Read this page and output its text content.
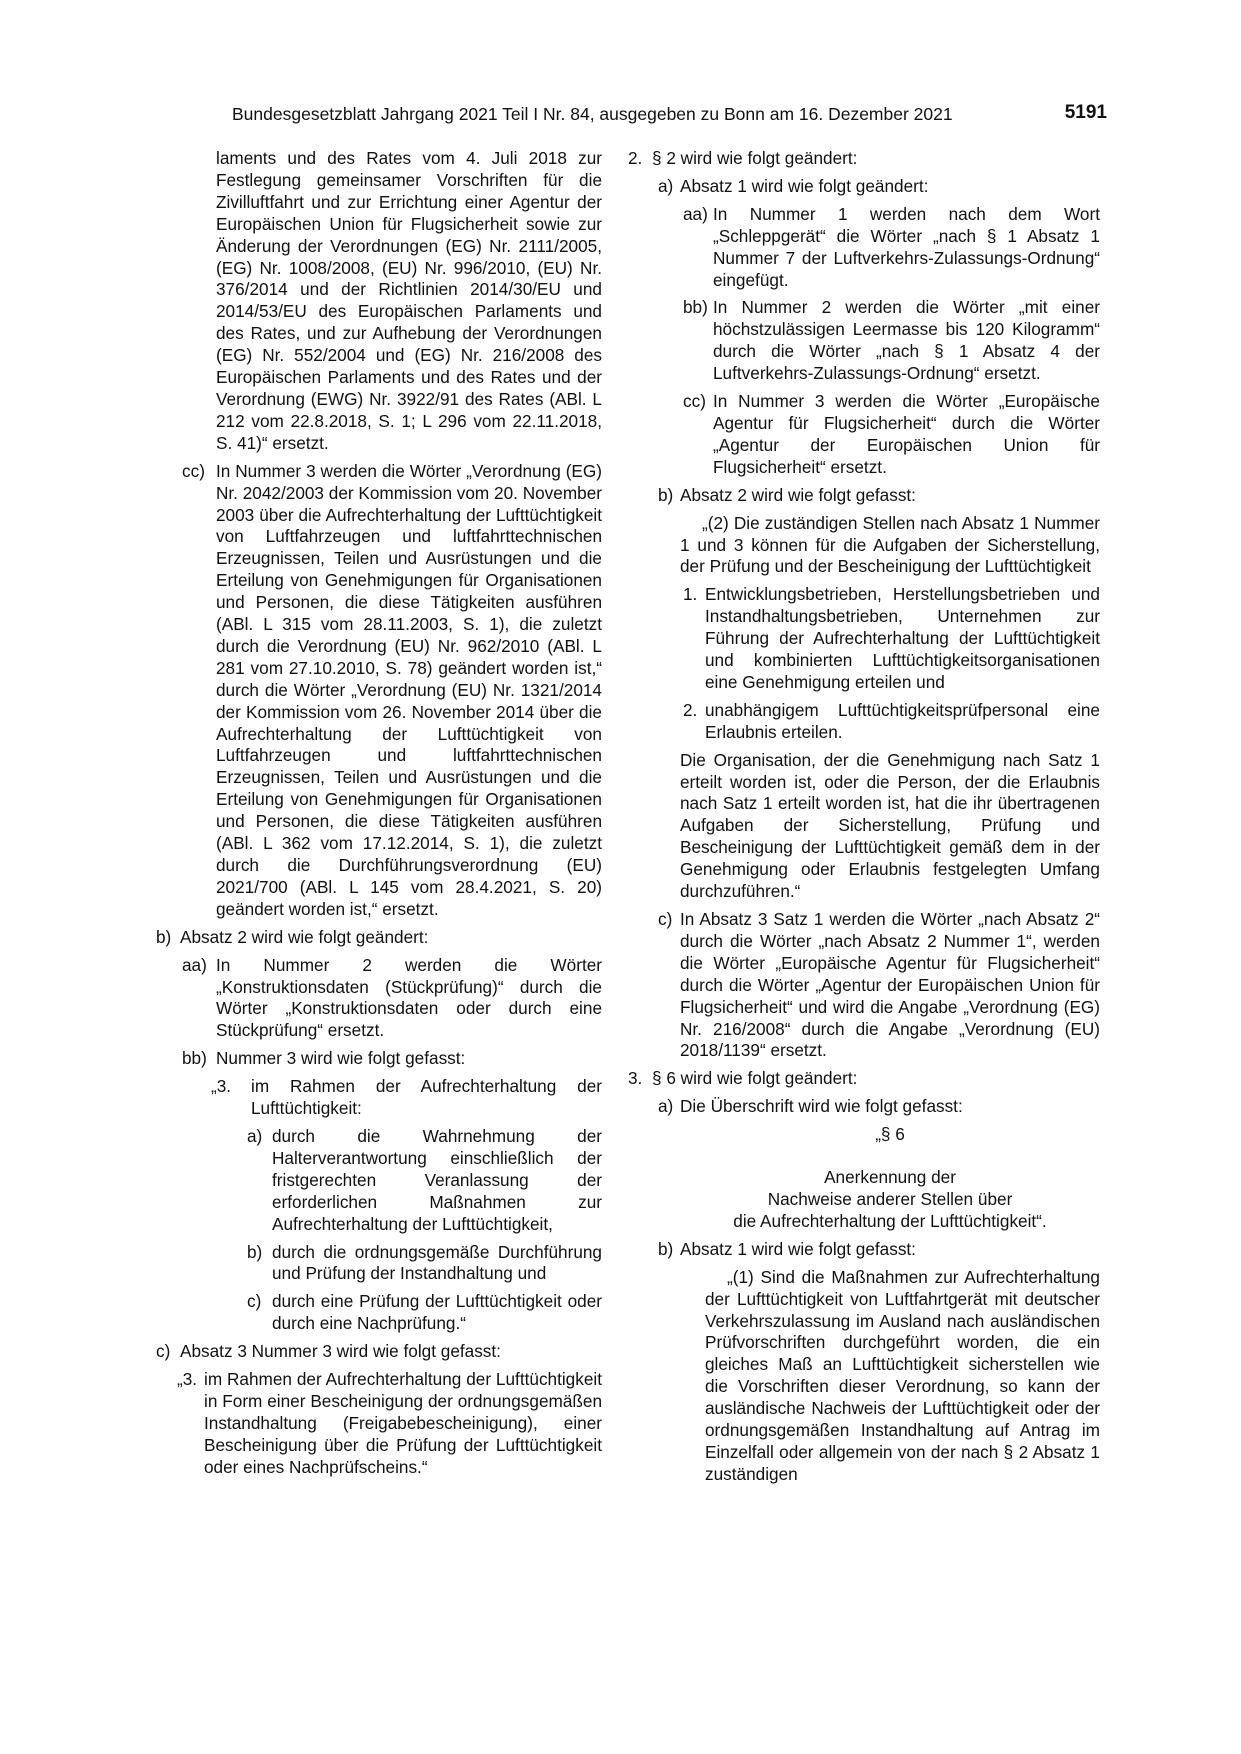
Bundesgesetzblatt Jahrgang 2021 Teil I Nr. 84, ausgegeben zu Bonn am 16. Dezember 2021	5191
laments und des Rates vom 4. Juli 2018 zur Festlegung gemeinsamer Vorschriften für die Zivilluftfahrt und zur Errichtung einer Agentur der Europäischen Union für Flugsicherheit sowie zur Änderung der Verordnungen (EG) Nr. 2111/2005, (EG) Nr. 1008/2008, (EU) Nr. 996/2010, (EU) Nr. 376/2014 und der Richtlinien 2014/30/EU und 2014/53/EU des Europäischen Parlaments und des Rates, und zur Aufhebung der Verordnungen (EG) Nr. 552/2004 und (EG) Nr. 216/2008 des Europäischen Parlaments und des Rates und der Verordnung (EWG) Nr. 3922/91 des Rates (ABl. L 212 vom 22.8.2018, S. 1; L 296 vom 22.11.2018, S. 41)“ ersetzt.
cc) In Nummer 3 werden die Wörter „Verordnung (EG) Nr. 2042/2003 der Kommission vom 20. November 2003 über die Aufrechterhaltung der Lufttüchtigkeit von Luftfahrzeugen und luftfahrttechnischen Erzeugnissen, Teilen und Ausrüstungen und die Erteilung von Genehmigungen für Organisationen und Personen, die diese Tätigkeiten ausführen (ABl. L 315 vom 28.11.2003, S. 1), die zuletzt durch die Verordnung (EU) Nr. 962/2010 (ABl. L 281 vom 27.10.2010, S. 78) geändert worden ist,“ durch die Wörter „Verordnung (EU) Nr. 1321/2014 der Kommission vom 26. November 2014 über die Aufrechterhaltung der Lufttüchtigkeit von Luftfahrzeugen und luftfahrttechnischen Erzeugnissen, Teilen und Ausrüstungen und die Erteilung von Genehmigungen für Organisationen und Personen, die diese Tätigkeiten ausführen (ABl. L 362 vom 17.12.2014, S. 1), die zuletzt durch die Durchführungsverordnung (EU) 2021/700 (ABl. L 145 vom 28.4.2021, S. 20) geändert worden ist,“ ersetzt.
b) Absatz 2 wird wie folgt geändert:
aa) In Nummer 2 werden die Wörter „Konstruktionsdaten (Stückprüfung)“ durch die Wörter „Konstruktionsdaten oder durch eine Stückprüfung“ ersetzt.
bb) Nummer 3 wird wie folgt gefasst:
„3. im Rahmen der Aufrechterhaltung der Lufttüchtigkeit:
a) durch die Wahrnehmung der Halterverantwortung einschließlich der fristgerechten Veranlassung der erforderlichen Maßnahmen zur Aufrechterhaltung der Lufttüchtigkeit,
b) durch die ordnungsgemäße Durchführung und Prüfung der Instandhaltung und
c) durch eine Prüfung der Lufttüchtigkeit oder durch eine Nachprüfung.“
c) Absatz 3 Nummer 3 wird wie folgt gefasst:
„3. im Rahmen der Aufrechterhaltung der Lufttüchtigkeit in Form einer Bescheinigung der ordnungsgemäßen Instandhaltung (Freigabebescheinigung), einer Bescheinigung über die Prüfung der Lufttüchtigkeit oder eines Nachprüfscheins.“
2. § 2 wird wie folgt geändert:
a) Absatz 1 wird wie folgt geändert:
aa) In Nummer 1 werden nach dem Wort „Schleppgerät“ die Wörter „nach § 1 Absatz 1 Nummer 7 der Luftverkehrs-Zulassungs-Ordnung“ eingefügt.
bb) In Nummer 2 werden die Wörter „mit einer höchstzulässigen Leermasse bis 120 Kilogramm“ durch die Wörter „nach § 1 Absatz 4 der Luftverkehrs-Zulassungs-Ordnung“ ersetzt.
cc) In Nummer 3 werden die Wörter „Europäische Agentur für Flugsicherheit“ durch die Wörter „Agentur der Europäischen Union für Flugsicherheit“ ersetzt.
b) Absatz 2 wird wie folgt gefasst:
„(2) Die zuständigen Stellen nach Absatz 1 Nummer 1 und 3 können für die Aufgaben der Sicherstellung, der Prüfung und der Bescheinigung der Lufttüchtigkeit
1. Entwicklungsbetrieben, Herstellungsbetrieben und Instandhaltungsbetrieben, Unternehmen zur Führung der Aufrechterhaltung der Lufttüchtigkeit und kombinierten Lufttüchtigkeitsorganisationen eine Genehmigung erteilen und
2. unabhängigem Lufttüchtigkeitsprüfpersonal eine Erlaubnis erteilen.
Die Organisation, der die Genehmigung nach Satz 1 erteilt worden ist, oder die Person, der die Erlaubnis nach Satz 1 erteilt worden ist, hat die ihr übertragenen Aufgaben der Sicherstellung, Prüfung und Bescheinigung der Lufttüchtigkeit gemäß dem in der Genehmigung oder Erlaubnis festgelegten Umfang durchzuführen.“
c) In Absatz 3 Satz 1 werden die Wörter „nach Absatz 2“ durch die Wörter „nach Absatz 2 Nummer 1“, werden die Wörter „Europäische Agentur für Flugsicherheit“ durch die Wörter „Agentur der Europäischen Union für Flugsicherheit“ und wird die Angabe „Verordnung (EG) Nr. 216/2008“ durch die Angabe „Verordnung (EU) 2018/1139“ ersetzt.
3. § 6 wird wie folgt geändert:
a) Die Überschrift wird wie folgt gefasst:
„§ 6
Anerkennung der
Nachweise anderer Stellen über
die Aufrechterhaltung der Lufttüchtigkeit“.
b) Absatz 1 wird wie folgt gefasst:
„(1) Sind die Maßnahmen zur Aufrechterhaltung der Lufttüchtigkeit von Luftfahrtgerät mit deutscher Verkehrszulassung im Ausland nach ausländischen Prüfvorschriften durchgeführt worden, die ein gleiches Maß an Lufttüchtigkeit sicherstellen wie die Vorschriften dieser Verordnung, so kann der ausländische Nachweis der Lufttüchtigkeit oder der ordnungsgemäßen Instandhaltung auf Antrag im Einzelfall oder allgemein von der nach § 2 Absatz 1 zuständigen
